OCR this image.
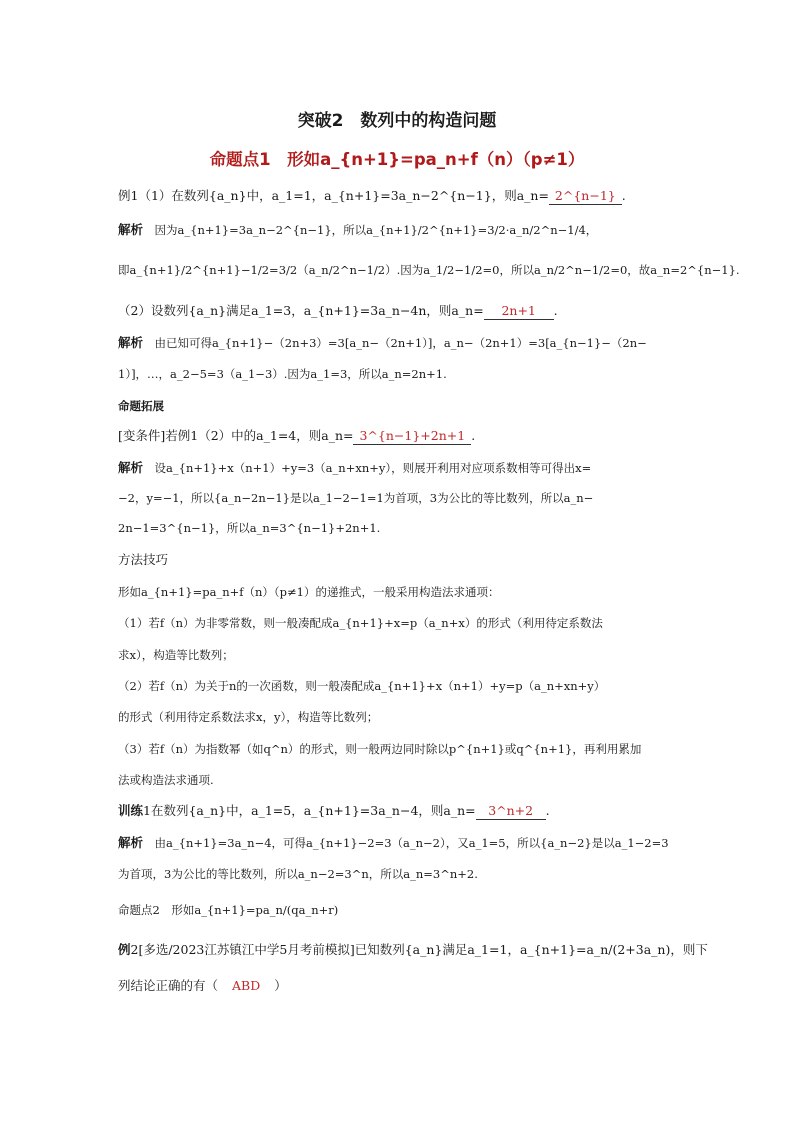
突破2　数列中的构造问题
命题点1　形如a_{n+1}=pa_n+f（n）（p≠1）
例1（1）在数列{a_n}中，a_1=1，a_{n+1}=3a_n−2^{n−1}，则a_n= 2^{n−1} .
解析　因为a_{n+1}=3a_n−2^{n−1}，所以a_{n+1}/2^{n+1}=3/2·a_n/2^n−1/4，
即a_{n+1}/2^{n+1}−1/2=3/2（a_n/2^n−1/2）.因为a_1/2−1/2=0，所以a_n/2^n−1/2=0，故a_n=2^{n−1}.
（2）设数列{a_n}满足a_1=3，a_{n+1}=3a_n−4n，则a_n= 2n+1 .
解析　由已知可得a_{n+1}−（2n+3）=3[a_n−（2n+1）]，a_n−（2n+1）=3[a_{n−1}−（2n−
1）]，…，a_2−5=3（a_1−3）.因为a_1=3，所以a_n=2n+1.
命题拓展
[变条件]若例1（2）中的a_1=4，则a_n= 3^{n−1}+2n+1 .
解析　设a_{n+1}+x（n+1）+y=3（a_n+xn+y），则展开利用对应项系数相等可得出x=
−2，y=−1，所以{a_n−2n−1}是以a_1−2−1=1为首项，3为公比的等比数列，所以a_n−
2n−1=3^{n−1}，所以a_n=3^{n−1}+2n+1.
方法技巧
形如a_{n+1}=pa_n+f（n）（p≠1）的递推式，一般采用构造法求通项：
（1）若f（n）为非零常数，则一般凑配成a_{n+1}+x=p（a_n+x）的形式（利用待定系数法
求x），构造等比数列；
（2）若f（n）为关于n的一次函数，则一般凑配成a_{n+1}+x（n+1）+y=p（a_n+xn+y）
的形式（利用待定系数法求x，y），构造等比数列；
（3）若f（n）为指数幂（如q^n）的形式，则一般两边同时除以p^{n+1}或q^{n+1}，再利用累加
法或构造法求通项.
训练1在数列{a_n}中，a_1=5，a_{n+1}=3a_n−4，则a_n= 3^n+2 .
解析　由a_{n+1}=3a_n−4，可得a_{n+1}−2=3（a_n−2），又a_1=5，所以{a_n−2}是以a_1−2=3
为首项，3为公比的等比数列，所以a_n−2=3^n，所以a_n=3^n+2.
命题点2　形如a_{n+1}=pa_n/(qa_n+r)
例2[多选/2023江苏镇江中学5月考前模拟]已知数列{a_n}满足a_1=1，a_{n+1}=a_n/(2+3a_n)，则下
列结论正确的有（ ABD ）
